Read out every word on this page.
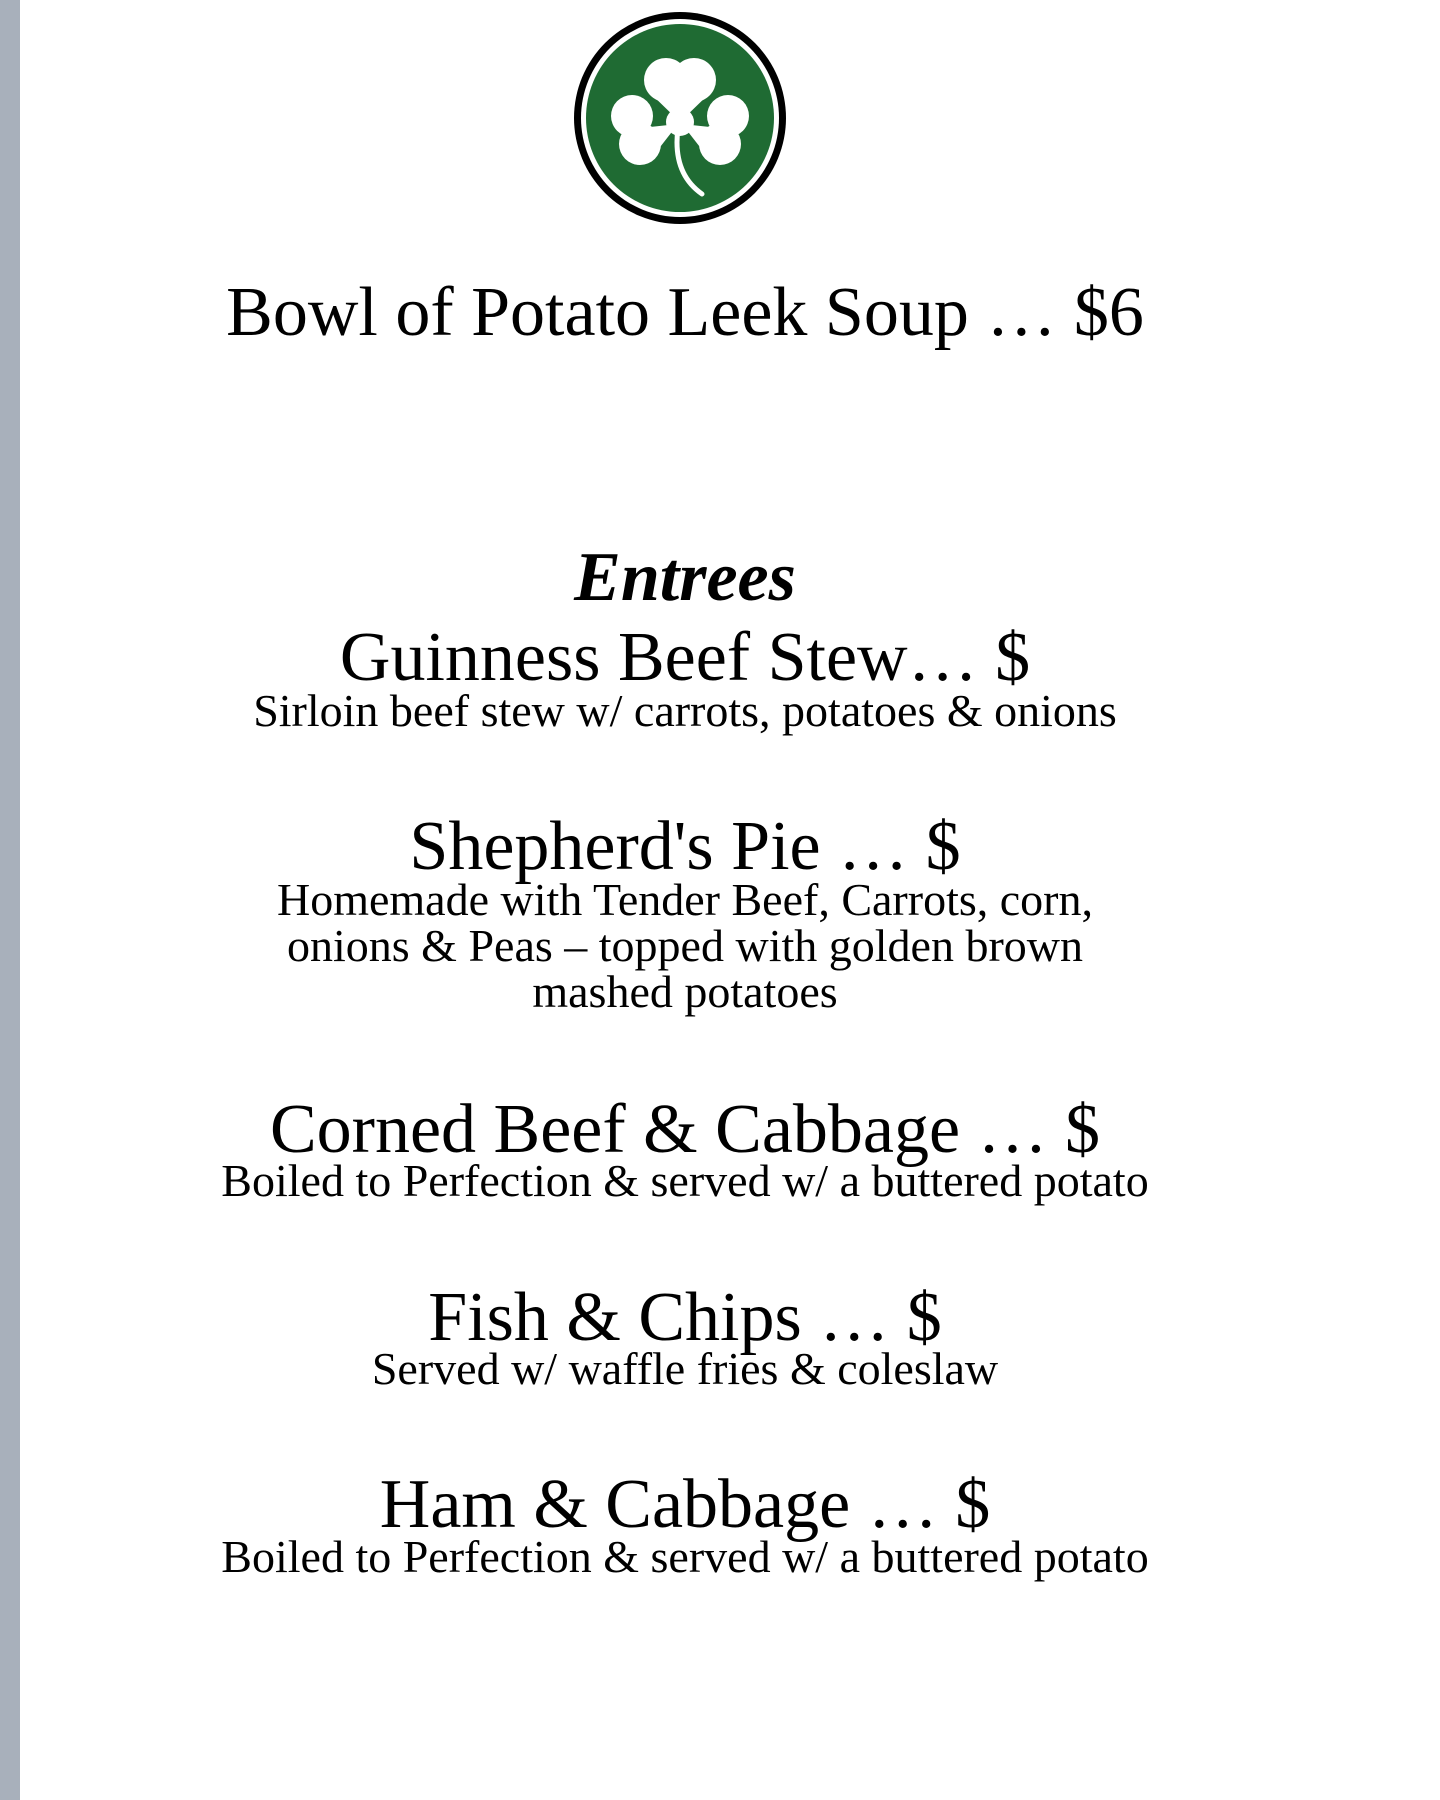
Bowl of Potato Leek Soup … $6
Entrees
Guinness Beef Stew… $
Sirloin beef stew w/ carrots, potatoes & onions
Shepherd's Pie … $
Homemade with Tender Beef, Carrots, corn, onions & Peas – topped with golden brown mashed potatoes
Corned Beef & Cabbage … $
Boiled to Perfection & served w/ a buttered potato
Fish & Chips … $
Served w/ waffle fries & coleslaw
Ham & Cabbage … $
Boiled to Perfection & served w/ a buttered potato
